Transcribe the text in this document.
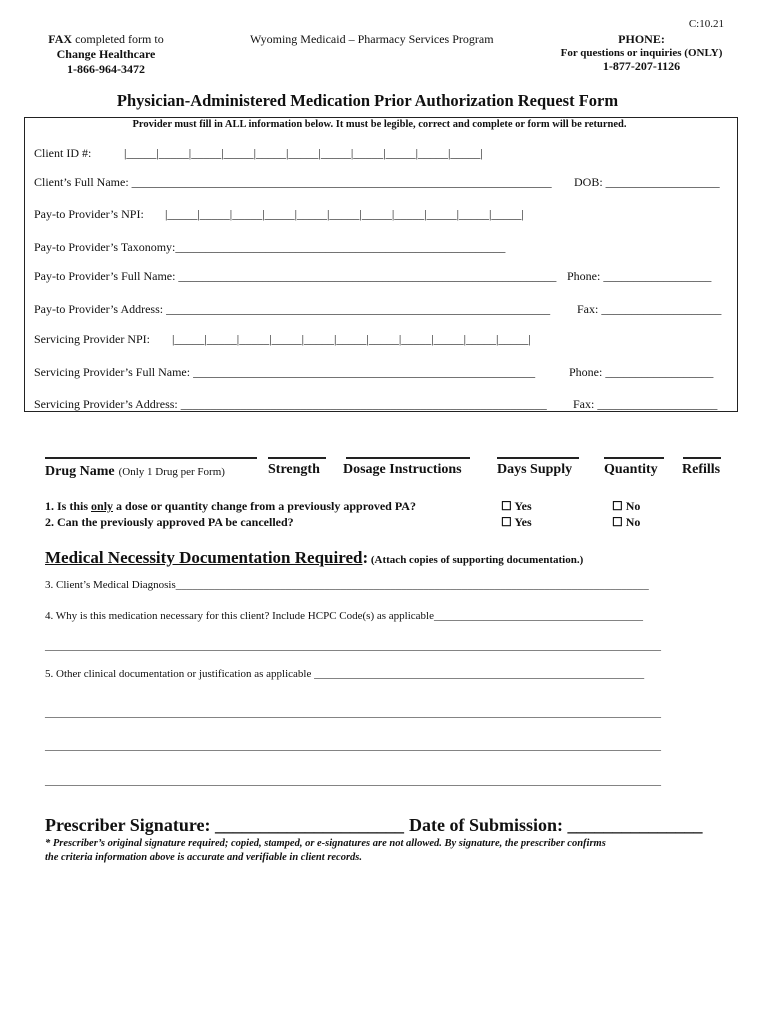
C:10.21
FAX completed form to
Change Healthcare
1-866-964-3472
Wyoming Medicaid – Pharmacy Services Program	PHONE:
For questions or inquiries (ONLY)
1-877-207-1126
Physician-Administered Medication Prior Authorization Request Form
Provider must fill in ALL information below. It must be legible, correct and complete or form will be returned.
Client ID #:	|_____|_____|_____|_____|_____|_____|_____|_____|_____|_____|_____|
Client’s Full Name: ______________________________________________________________________ DOB: ___________________
Pay-to Provider’s NPI: |_____|_____|_____|_____|_____|_____|_____|_____|_____|_____|_____|
Pay-to Provider’s Taxonomy:_______________________________________________________
Pay-to Provider’s Full Name: _______________________________________________________________ Phone: __________________
Pay-to Provider’s Address: ________________________________________________________________ Fax: ____________________
Servicing Provider NPI: |_____|_____|_____|_____|_____|_____|_____|_____|_____|_____|_____|
Servicing Provider’s Full Name: _________________________________________________________	Phone: __________________
Servicing Provider’s Address: _____________________________________________________________ Fax: ____________________
Drug Name (Only 1 Drug per Form)	Strength Dosage Instructions	Days Supply Quantity Refills
1. Is this only a dose or quantity change from a previously approved PA?
2. Can the previously approved PA be cancelled?
☐ Yes	☐ No
☐ Yes	☐ No
Medical Necessity Documentation Required: (Attach copies of supporting documentation.)
3. Client’s Medical Diagnosis______________________________________________________________________________________
4. Why is this medication necessary for this client? Include HCPC Code(s) as applicable______________________________________
________________________________________________________________________________________________________________
5. Other clinical documentation or justification as applicable ____________________________________________________________
________________________________________________________________________________________________________________
________________________________________________________________________________________________________________
________________________________________________________________________________________________________________
Prescriber Signature: _____________________ Date of Submission: _______________
* Prescriber’s original signature required; copied, stamped, or e-signatures are not allowed. By signature, the prescriber confirms
the criteria information above is accurate and verifiable in client records.
